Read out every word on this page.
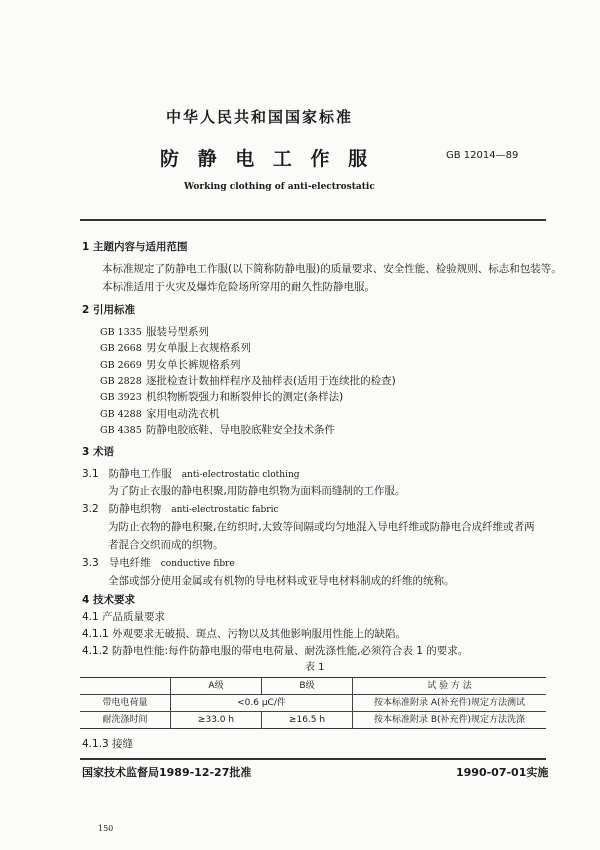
中华人民共和国国家标准
防 静 电 工 作 服	GB 12014—89
Working clothing of anti-electrostatic
1 主题内容与适用范围
本标准规定了防静电工作服(以下简称防静电服)的质量要求、安全性能、检验规则、标志和包装等。
本标准适用于火灾及爆炸危险场所穿用的耐久性防静电服。
2 引用标准
GB 1335 服装号型系列
GB 2668 男女单服上衣规格系列
GB 2669 男女单长裤规格系列
GB 2828 逐批检查计数抽样程序及抽样表(适用于连续批的检查)
GB 3923 机织物断裂强力和断裂伸长的测定(条样法)
GB 4288 家用电动洗衣机
GB 4385 防静电胶底鞋、导电胶底鞋安全技术条件
3 术语
3.1 防静电工作服 anti-electrostatic clothing
为了防止衣服的静电积聚,用防静电织物为面料而缝制的工作服。
3.2 防静电织物 anti-electrostatic fabric
为防止衣物的静电积聚,在纺织时,大致等间隔或均匀地混入导电纤维或防静电合成纤维或者两
者混合交织而成的织物。
3.3 导电纤维 conductive fibre
全部或部分使用金属或有机物的导电材料或亚导电材料制成的纤维的统称。
4 技术要求
4.1 产品质量要求
4.1.1 外观要求无破损、斑点、污物以及其他影响服用性能上的缺陷。
4.1.2 防静电性能:每件防静电服的带电电荷量、耐洗涤性能,必须符合表 1 的要求。
表 1
	A级	B级	试 验 方 法
带电电荷量	<0.6 μC/件		按本标准附录 A(补充件)规定方法测试
耐洗涤时间	≥33.0 h	≥16.5 h	按本标准附录 B(补充件)规定方法洗涤
4.1.3 接缝
国家技术监督局1989-12-27批准	1990-07-01实施
150
